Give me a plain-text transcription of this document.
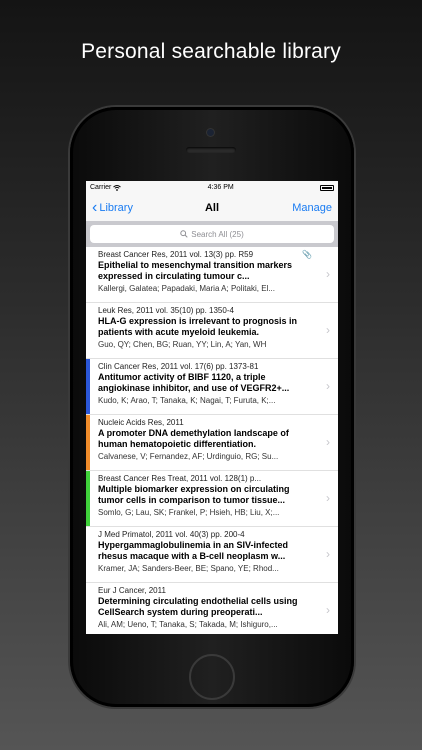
Personal searchable library
Carrier	4:36 PM
‹ Library	All	Manage
Search All (25)
Breast Cancer Res, 2011 vol. 13(3) pp. R59
Epithelial to mesenchymal transition markers expressed in circulating tumour c...
Kallergi, Galatea; Papadaki, Maria A; Politaki, El...
📎
›
Leuk Res, 2011 vol. 35(10) pp. 1350-4
HLA-G expression is irrelevant to prognosis in patients with acute myeloid leukemia.
Guo, QY; Chen, BG; Ruan, YY; Lin, A; Yan, WH
›
Clin Cancer Res, 2011 vol. 17(6) pp. 1373-81
Antitumor activity of BIBF 1120, a triple angiokinase inhibitor, and use of VEGFR2+...
Kudo, K; Arao, T; Tanaka, K; Nagai, T; Furuta, K;...
›
Nucleic Acids Res, 2011
A promoter DNA demethylation landscape of human hematopoietic differentiation.
Calvanese, V; Fernandez, AF; Urdinguio, RG; Su...
›
Breast Cancer Res Treat, 2011 vol. 128(1) p...
Multiple biomarker expression on circulating tumor cells in comparison to tumor tissue...
Somlo, G; Lau, SK; Frankel, P; Hsieh, HB; Liu, X;...
›
J Med Primatol, 2011 vol. 40(3) pp. 200-4
Hypergammaglobulinemia in an SIV-infected rhesus macaque with a B-cell neoplasm w...
Kramer, JA; Sanders-Beer, BE; Spano, YE; Rhod...
›
Eur J Cancer, 2011
Determining circulating endothelial cells using CellSearch system during preoperati...
Ali, AM; Ueno, T; Tanaka, S; Takada, M; Ishiguro,...
›
